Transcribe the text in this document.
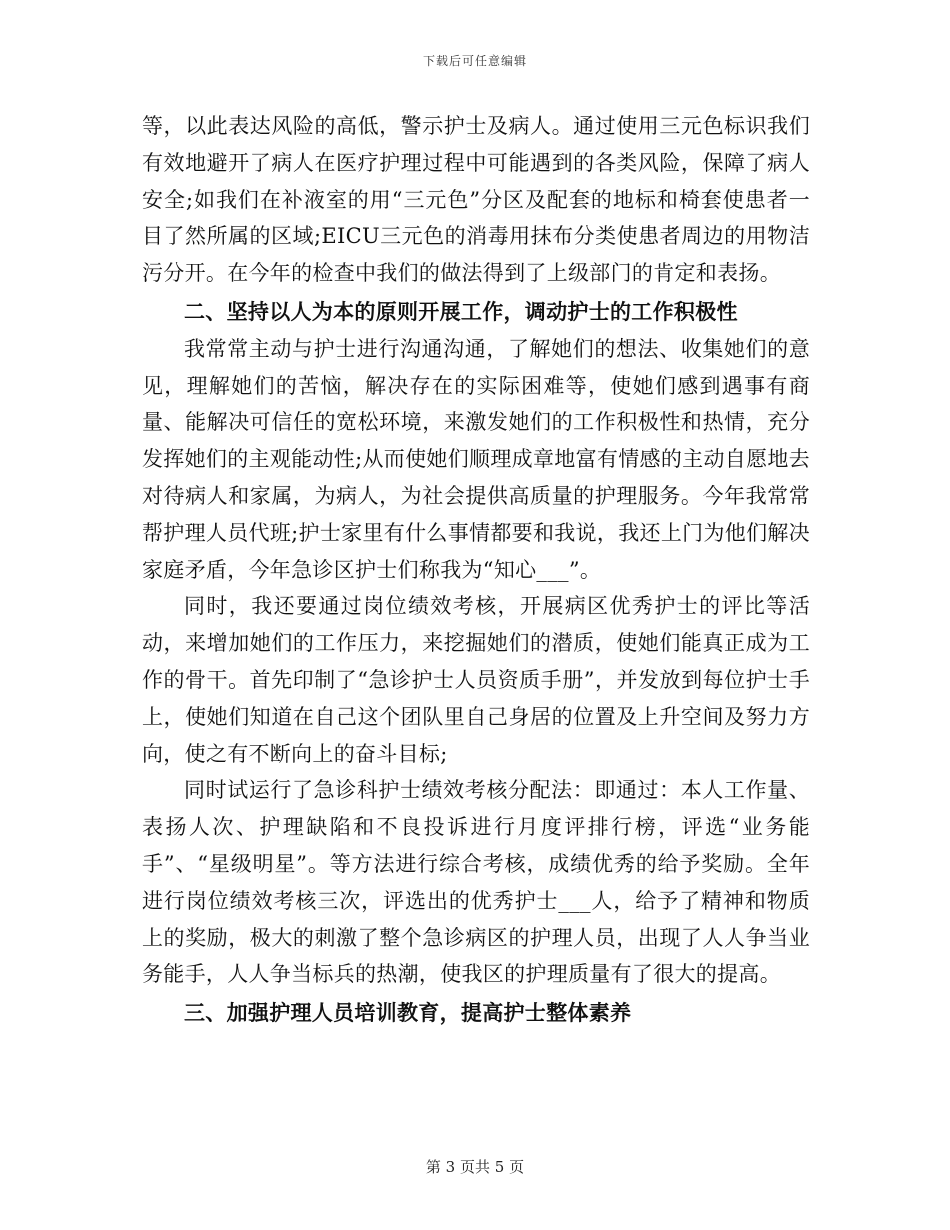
下载后可任意编辑

等，以此表达风险的高低，警示护士及病人。通过使用三元色标识我们有效地避开了病人在医疗护理过程中可能遇到的各类风险，保障了病人安全;如我们在补液室的用“三元色”分区及配套的地标和椅套使患者一目了然所属的区域;EICU三元色的消毒用抹布分类使患者周边的用物洁污分开。在今年的检查中我们的做法得到了上级部门的肯定和表扬。

二、坚持以人为本的原则开展工作，调动护士的工作积极性

我常常主动与护士进行沟通沟通，了解她们的想法、收集她们的意见，理解她们的苦恼，解决存在的实际困难等，使她们感到遇事有商量、能解决可信任的宽松环境，来激发她们的工作积极性和热情，充分发挥她们的主观能动性;从而使她们顺理成章地富有情感的主动自愿地去对待病人和家属，为病人，为社会提供高质量的护理服务。今年我常常帮护理人员代班;护士家里有什么事情都要和我说，我还上门为他们解决家庭矛盾，今年急诊区护士们称我为“知心___”。

同时，我还要通过岗位绩效考核，开展病区优秀护士的评比等活动，来增加她们的工作压力，来挖掘她们的潜质，使她们能真正成为工作的骨干。首先印制了“急诊护士人员资质手册”，并发放到每位护士手上，使她们知道在自己这个团队里自己身居的位置及上升空间及努力方向，使之有不断向上的奋斗目标;

同时试运行了急诊科护士绩效考核分配法：即通过：本人工作量、表扬人次、护理缺陷和不良投诉进行月度评排行榜，评选“业务能手”、“星级明星”。等方法进行综合考核，成绩优秀的给予奖励。全年进行岗位绩效考核三次，评选出的优秀护士___人，给予了精神和物质上的奖励，极大的刺激了整个急诊病区的护理人员，出现了人人争当业务能手，人人争当标兵的热潮，使我区的护理质量有了很大的提高。

三、加强护理人员培训教育，提高护士整体素养

第 3 页共 5 页
